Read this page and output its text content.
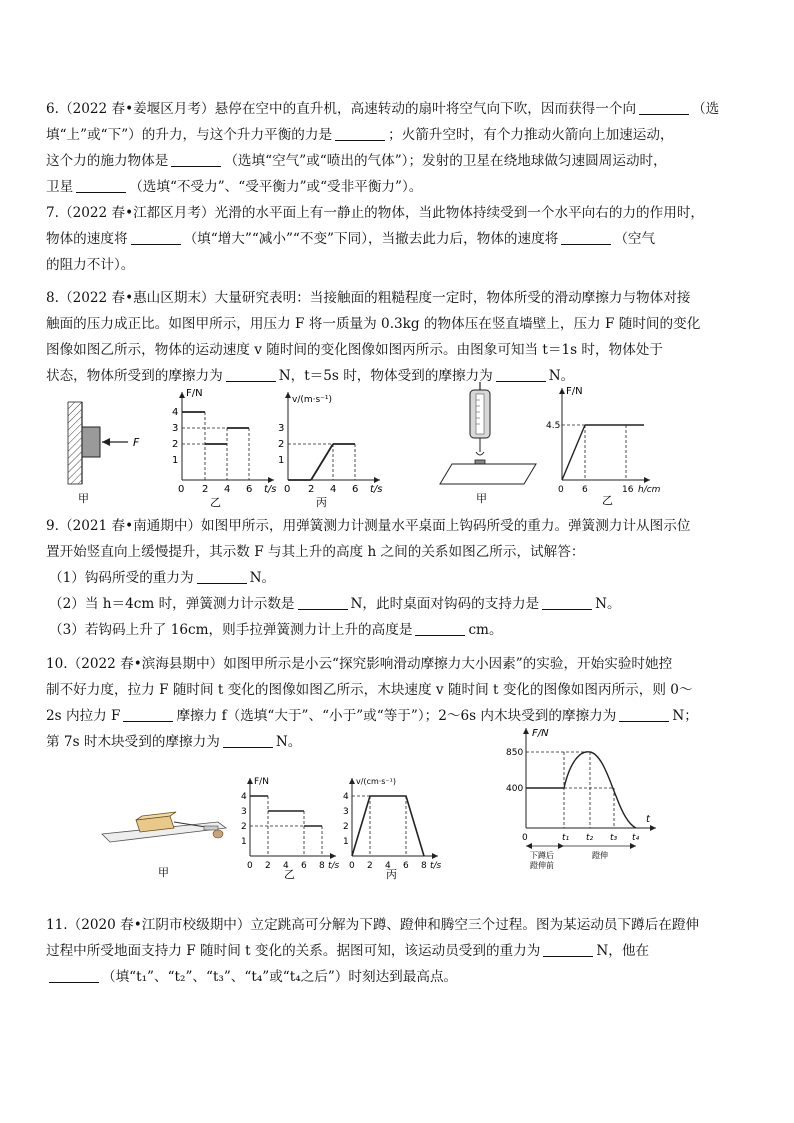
6.（2022 春•姜堰区月考）悬停在空中的直升机，高速转动的扇叶将空气向下吹，因而获得一个向	（选
填“上”或“下”）的升力，与这个升力平衡的力是	；火箭升空时，有个力推动火箭向上加速运动，
这个力的施力物体是	（选填“空气”或“喷出的气体”）；发射的卫星在绕地球做匀速圆周运动时，
卫星	（选填“不受力”、“受平衡力”或“受非平衡力”）。
7.（2022 春•江都区月考）光滑的水平面上有一静止的物体，当此物体持续受到一个水平向右的力的作用时，
物体的速度将	（填“增大”“减小”“不变”下同），当撤去此力后，物体的速度将	（空气
的阻力不计）。
8.（2022 春•惠山区期末）大量研究表明：当接触面的粗糙程度一定时，物体所受的滑动摩擦力与物体对接
触面的压力成正比。如图甲所示，用压力 F 将一质量为 0.3kg 的物体压在竖直墙壁上，压力 F 随时间的变化
图像如图乙所示，物体的运动速度 v 随时间的变化图像如图丙所示。由图象可知当 t＝1s 时，物体处于
状态，物体所受到的摩擦力为	N，t＝5s 时，物体受到的摩擦力为	N。
F
甲
F/N
t/s
4
3
2
1
0 2 4 6
乙
v/(m·s⁻¹)
t/s
3
2
1
0 2 4 6
丙	甲
F/N
h/cm
4.5
0 6	16
乙
9.（2021 春•南通期中）如图甲所示，用弹簧测力计测量水平桌面上钩码所受的重力。弹簧测力计从图示位
置开始竖直向上缓慢提升，其示数 F 与其上升的高度 h 之间的关系如图乙所示，试解答：
（1）钩码所受的重力为	N。
（2）当 h＝4cm 时，弹簧测力计示数是	N，此时桌面对钩码的支持力是	N。
（3）若钩码上升了 16cm，则手拉弹簧测力计上升的高度是	cm。
10.（2022 春•滨海县期中）如图甲所示是小云“探究影响滑动摩擦力大小因素”的实验，开始实验时她控
制不好力度，拉力 F 随时间 t 变化的图像如图乙所示，木块速度 v 随时间 t 变化的图像如图丙所示，则 0～
2s 内拉力 F	摩擦力 f（选填“大于”、“小于”或“等于”）；2～6s 内木块受到的摩擦力为	N；
第 7s 时木块受到的摩擦力为	N。
甲
F/N
t/s
4
3
2
1
0 2 4 6 8
乙
v/(cm·s⁻¹)
t/s
4
3
2
1
0 2 4 6 8
丙
F/N
t
850
400
0	t₁ t₂ t₃ t₄
下蹲后
蹬伸前
蹬伸
11.（2020 春•江阴市校级期中）立定跳高可分解为下蹲、蹬伸和腾空三个过程。图为某运动员下蹲后在蹬伸
过程中所受地面支持力 F 随时间 t 变化的关系。据图可知，该运动员受到的重力为	N，他在
（填“t₁”、“t₂”、“t₃”、“t₄”或“t₄之后”）时刻达到最高点。
